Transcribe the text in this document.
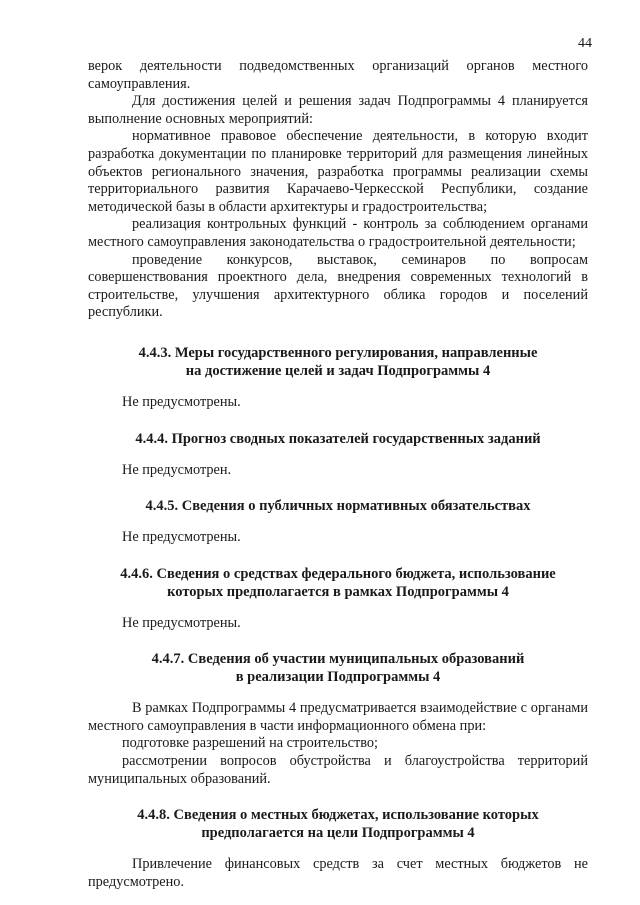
44

верок деятельности подведомственных организаций органов местного самоуправления.

Для достижения целей и решения задач Подпрограммы 4 планируется выполнение основных мероприятий:

нормативное правовое обеспечение деятельности, в которую входит разработка документации по планировке территорий для размещения линейных объектов регионального значения, разработка программы реализации схемы территориального развития Карачаево-Черкесской Республики, создание методической базы в области архитектуры и градостроительства;

реализация контрольных функций - контроль за соблюдением органами местного самоуправления законодательства о градостроительной деятельности;

проведение конкурсов, выставок, семинаров по вопросам совершенствования проектного дела, внедрения современных технологий в строительстве, улучшения архитектурного облика городов и поселений республики.

4.4.3. Меры государственного регулирования, направленные
на достижение целей и задач Подпрограммы 4

Не предусмотрены.

4.4.4. Прогноз сводных показателей государственных заданий

Не предусмотрен.

4.4.5. Сведения о публичных нормативных обязательствах

Не предусмотрены.

4.4.6. Сведения о средствах федерального бюджета, использование
которых предполагается в рамках Подпрограммы 4

Не предусмотрены.

4.4.7. Сведения об участии муниципальных образований
в реализации Подпрограммы 4

В рамках Подпрограммы 4 предусматривается взаимодействие с органами местного самоуправления в части информационного обмена при:

подготовке разрешений на строительство;

рассмотрении вопросов обустройства и благоустройства территорий муниципальных образований.

4.4.8. Сведения о местных бюджетах, использование которых
предполагается на цели Подпрограммы 4

Привлечение финансовых средств за счет местных бюджетов не предусмотрено.
